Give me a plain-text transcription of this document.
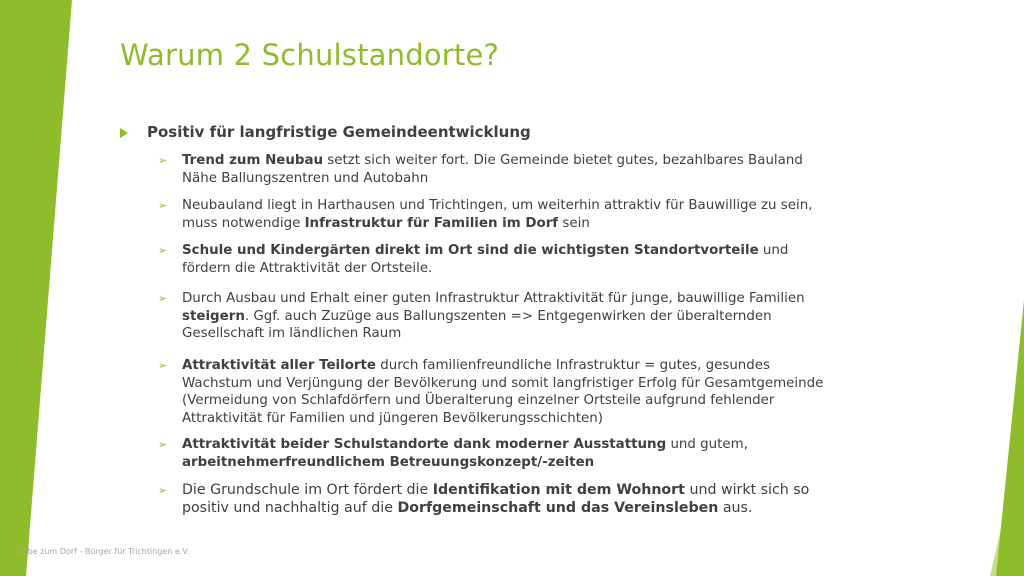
Warum 2 Schulstandorte?
Positiv für langfristige Gemeindeentwicklung
➢	Trend zum Neubau setzt sich weiter fort. Die Gemeinde bietet gutes, bezahlbares Bauland Nähe Ballungszentren und Autobahn
➢	Neubauland liegt in Harthausen und Trichtingen, um weiterhin attraktiv für Bauwillige zu sein, muss notwendige Infrastruktur für Familien im Dorf sein
➢	Schule und Kindergärten direkt im Ort sind die wichtigsten Standortvorteile und fördern die Attraktivität der Ortsteile.
➢	Durch Ausbau und Erhalt einer guten Infrastruktur Attraktivität für junge, bauwillige Familien steigern. Ggf. auch Zuzüge aus Ballungszenten => Entgegenwirken der überalternden Gesellschaft im ländlichen Raum
➢	Attraktivität aller Teilorte durch familienfreundliche Infrastruktur = gutes, gesundes Wachstum und Verjüngung der Bevölkerung und somit langfristiger Erfolg für Gesamtgemeinde (Vermeidung von Schlafdörfern und Überalterung einzelner Ortsteile aufgrund fehlender Attraktivität für Familien und jüngeren Bevölkerungsschichten)
➢	Attraktivität beider Schulstandorte dank moderner Ausstattung und gutem, arbeitnehmerfreundlichem Betreuungskonzept/-zeiten
➢	Die Grundschule im Ort fördert die Identifikation mit dem Wohnort und wirkt sich so positiv und nachhaltig auf die Dorfgemeinschaft und das Vereinsleben aus.
Liebe zum Dorf - Bürger für Trichtingen e.V.
